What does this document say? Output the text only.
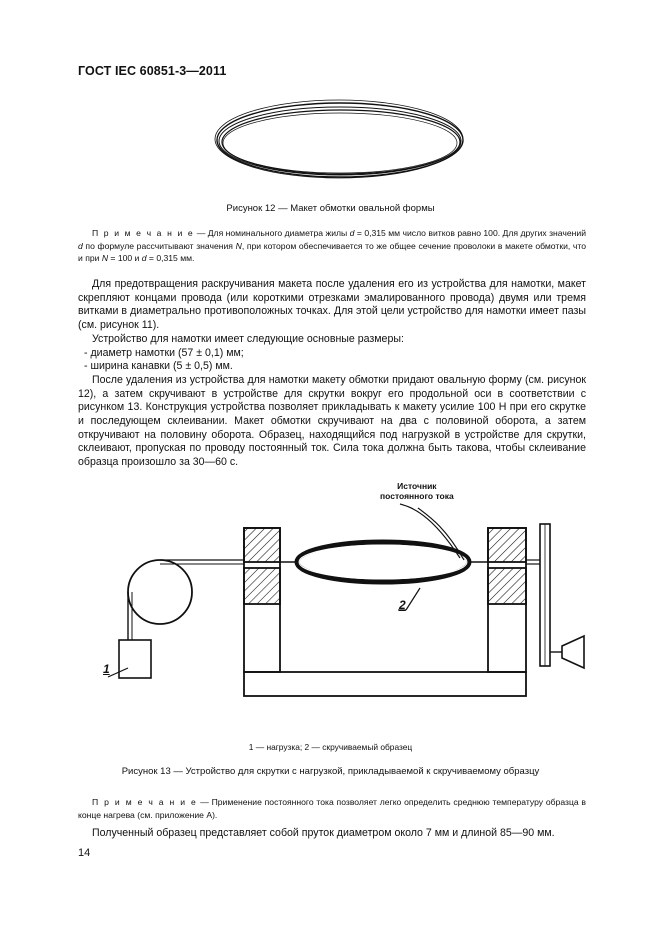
ГОСТ IEC 60851-3—2011
Рисунок 12 — Макет обмотки овальной формы
П р и м е ч а н и е — Для номинального диаметра жилы d = 0,315 мм число витков равно 100. Для других значений d по формуле рассчитывают значения N, при котором обеспечивается то же общее сечение проволоки в макете обмотки, что и при N = 100 и d = 0,315 мм.

Для предотвращения раскручивания макета после удаления его из устройства для намотки, макет скрепляют концами провода (или короткими отрезками эмалированного провода) двумя или тремя витками в диаметрально противоположных точках. Для этой цели устройство для намотки имеет пазы (см. рисунок 11).

Устройство для намотки имеет следующие основные размеры:

- диаметр намотки (57 ± 0,1) мм;

- ширина канавки (5 ± 0,5) мм.

После удаления из устройства для намотки макету обмотки придают овальную форму (см. рисунок 12), а затем скручивают в устройстве для скрутки вокруг его продольной оси в соответствии с рисунком 13. Конструкция устройства позволяет прикладывать к макету усилие 100 Н при его скрутке и последующем склеивании. Макет обмотки скручивают на два с половиной оборота, а затем откручивают на половину оборота. Образец, находящийся под нагрузкой в устройстве для скрутки, склеивают, пропуская по проводу постоянный ток. Сила тока должна быть такова, чтобы склеивание образца произошло за 30—60 с.

Источник
постоянного тока
2
1
1 — нагрузка; 2 — скручиваемый образец
Рисунок 13 — Устройство для скрутки с нагрузкой, прикладываемой к скручиваемому образцу
П р и м е ч а н и е — Применение постоянного тока позволяет легко определить среднюю температуру образца в конце нагрева (см. приложение А).
Полученный образец представляет собой пруток диаметром около 7 мм и длиной 85—90 мм.
14
